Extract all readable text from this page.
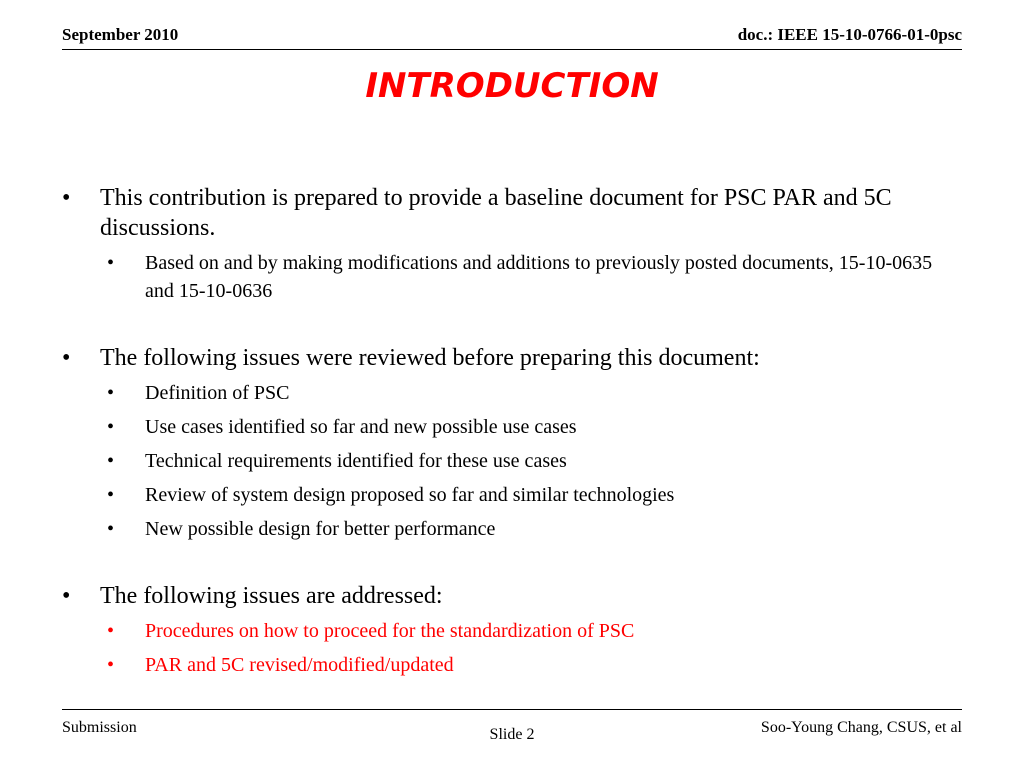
September 2010	doc.: IEEE 15-10-0766-01-0psc
INTRODUCTION
• This contribution is prepared to provide a baseline document for PSC PAR and 5C discussions.
• Based on and by making modifications and additions to previously posted documents, 15-10-0635 and 15-10-0636
• The following issues were reviewed before preparing this document:
• Definition of PSC
• Use cases identified so far and new possible use cases
• Technical requirements identified for these use cases
• Review of system design proposed so far and similar technologies
• New possible design for better performance
• The following issues are addressed:
• Procedures on how to proceed for the standardization of PSC
• PAR and 5C revised/modified/updated
Submission	Slide 2	Soo-Young Chang, CSUS, et al
